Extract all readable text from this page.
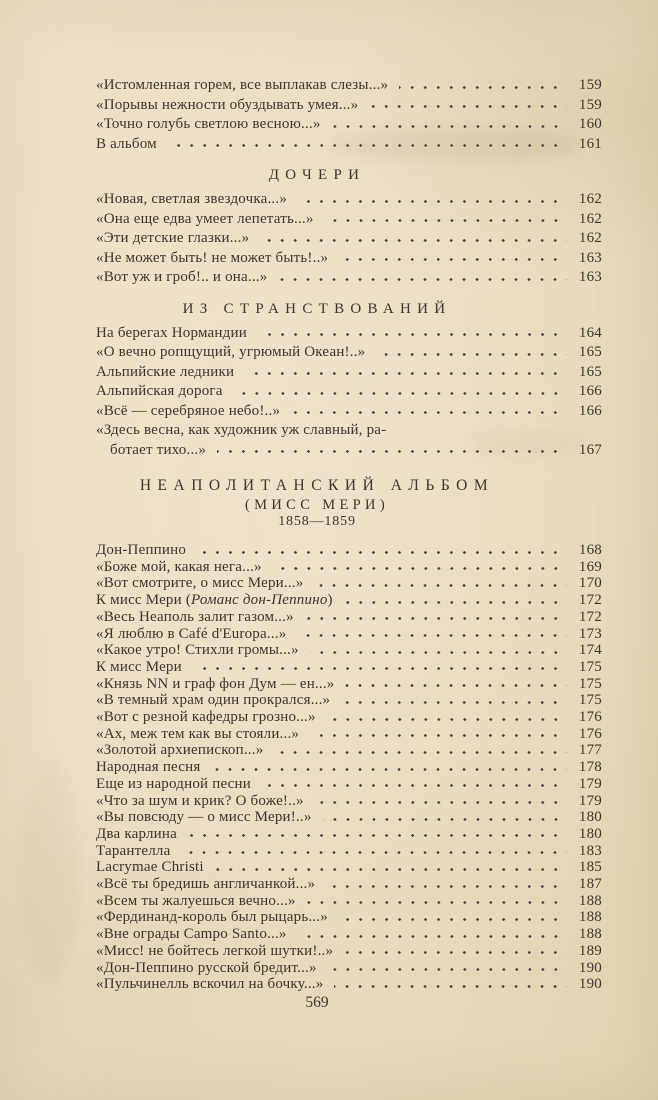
«Истомленная горем, все выплакав слезы...»	159
«Порывы нежности обуздывать умея...»	159
«Точно голубь светлою весною...»	160
В альбом	161
ДОЧЕРИ
«Новая, светлая звездочка...»	162
«Она еще едва умеет лепетать...»	162
«Эти детские глазки...»	162
«Не может быть! не может быть!..»	163
«Вот уж и гроб!.. и она...»	163
ИЗ СТРАНСТВОВАНИЙ
На берегах Нормандии	164
«О вечно ропщущий, угрюмый Океан!..»	165
Альпийские ледники	165
Альпийская дорога	166
«Всё — серебряное небо!..»	166
«Здесь весна, как художник уж славный, ра-
ботает тихо...»	167
НЕАПОЛИТАНСКИЙ АЛЬБОМ
(МИСС МЕРИ)
1858—1859
Дон-Пеппино	168
«Боже мой, какая нега...»	169
«Вот смотрите, о мисс Мери...»	170
К мисс Мери (Романс дон-Пеппино)	172
«Весь Неаполь залит газом...»	172
«Я люблю в Café d'Europa...»	173
«Какое утро! Стихли громы...»	174
К мисс Мери	175
«Князь NN и граф фон Дум — ен...»	175
«В темный храм один прокрался...»	175
«Вот с резной кафедры грозно...»	176
«Ах, меж тем как вы стояли...»	176
«Золотой архиепископ...»	177
Народная песня	178
Еще из народной песни	179
«Что за шум и крик? О боже!..»	179
«Вы повсюду — о мисс Мери!..»	180
Два карлина	180
Тарантелла	183
Lacrymae Christi	185
«Всё ты бредишь англичанкой...»	187
«Всем ты жалуешься вечно...»	188
«Фердинанд-король был рыцарь...»	188
«Вне ограды Campo Santo...»	188
«Мисс! не бойтесь легкой шутки!..»	189
«Дон-Пеппино русской бредит...»	190
«Пульчинелль вскочил на бочку...»	190
569
